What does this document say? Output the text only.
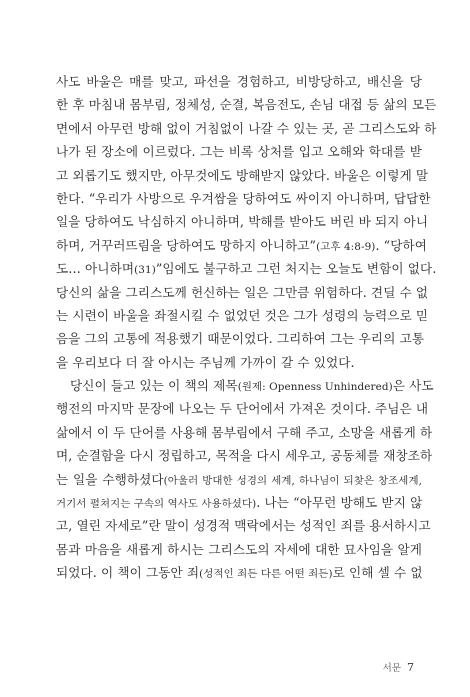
사도 바울은 매를 맞고, 파선을 경험하고, 비방당하고, 배신을 당
한 후 마침내 몸부림, 정체성, 순결, 복음전도, 손님 대접 등 삶의 모든
면에서 아무런 방해 없이 거침없이 나갈 수 있는 곳, 곧 그리스도와 하
나가 된 장소에 이르렀다. 그는 비록 상처를 입고 오해와 학대를 받
고 외롭기도 했지만, 아무것에도 방해받지 않았다. 바울은 이렇게 말
한다. “우리가 사방으로 우겨쌈을 당하여도 싸이지 아니하며, 답답한
일을 당하여도 낙심하지 아니하며, 박해를 받아도 버린 바 되지 아니
하며, 거꾸러뜨림을 당하여도 망하지 아니하고”(고후 4:8-9). “당하여
도… 아니하며(31)”임에도 불구하고 그런 처지는 오늘도 변함이 없다.
당신의 삶을 그리스도께 헌신하는 일은 그만큼 위험하다. 견딜 수 없
는 시련이 바울을 좌절시킬 수 없었던 것은 그가 성령의 능력으로 믿
음을 그의 고통에 적용했기 때문이었다. 그리하여 그는 우리의 고통
을 우리보다 더 잘 아시는 주님께 가까이 갈 수 있었다.
당신이 들고 있는 이 책의 제목(원제: Openness Unhindered)은 사도
행전의 마지막 문장에 나오는 두 단어에서 가져온 것이다. 주님은 내
삶에서 이 두 단어를 사용해 몸부림에서 구해 주고, 소망을 새롭게 하
며, 순결함을 다시 정립하고, 목적을 다시 세우고, 공동체를 재창조하
는 일을 수행하셨다(아울러 방대한 성경의 세계, 하나님이 되찾은 창조세계,
거기서 펼쳐지는 구속의 역사도 사용하셨다). 나는 “아무런 방해도 받지 않
고, 열린 자세로”란 말이 성경적 맥락에서는 성적인 죄를 용서하시고
몸과 마음을 새롭게 하시는 그리스도의 자세에 대한 묘사임을 알게
되었다. 이 책이 그동안 죄(성적인 죄든 다른 어떤 죄든)로 인해 셀 수 없
서문 7
